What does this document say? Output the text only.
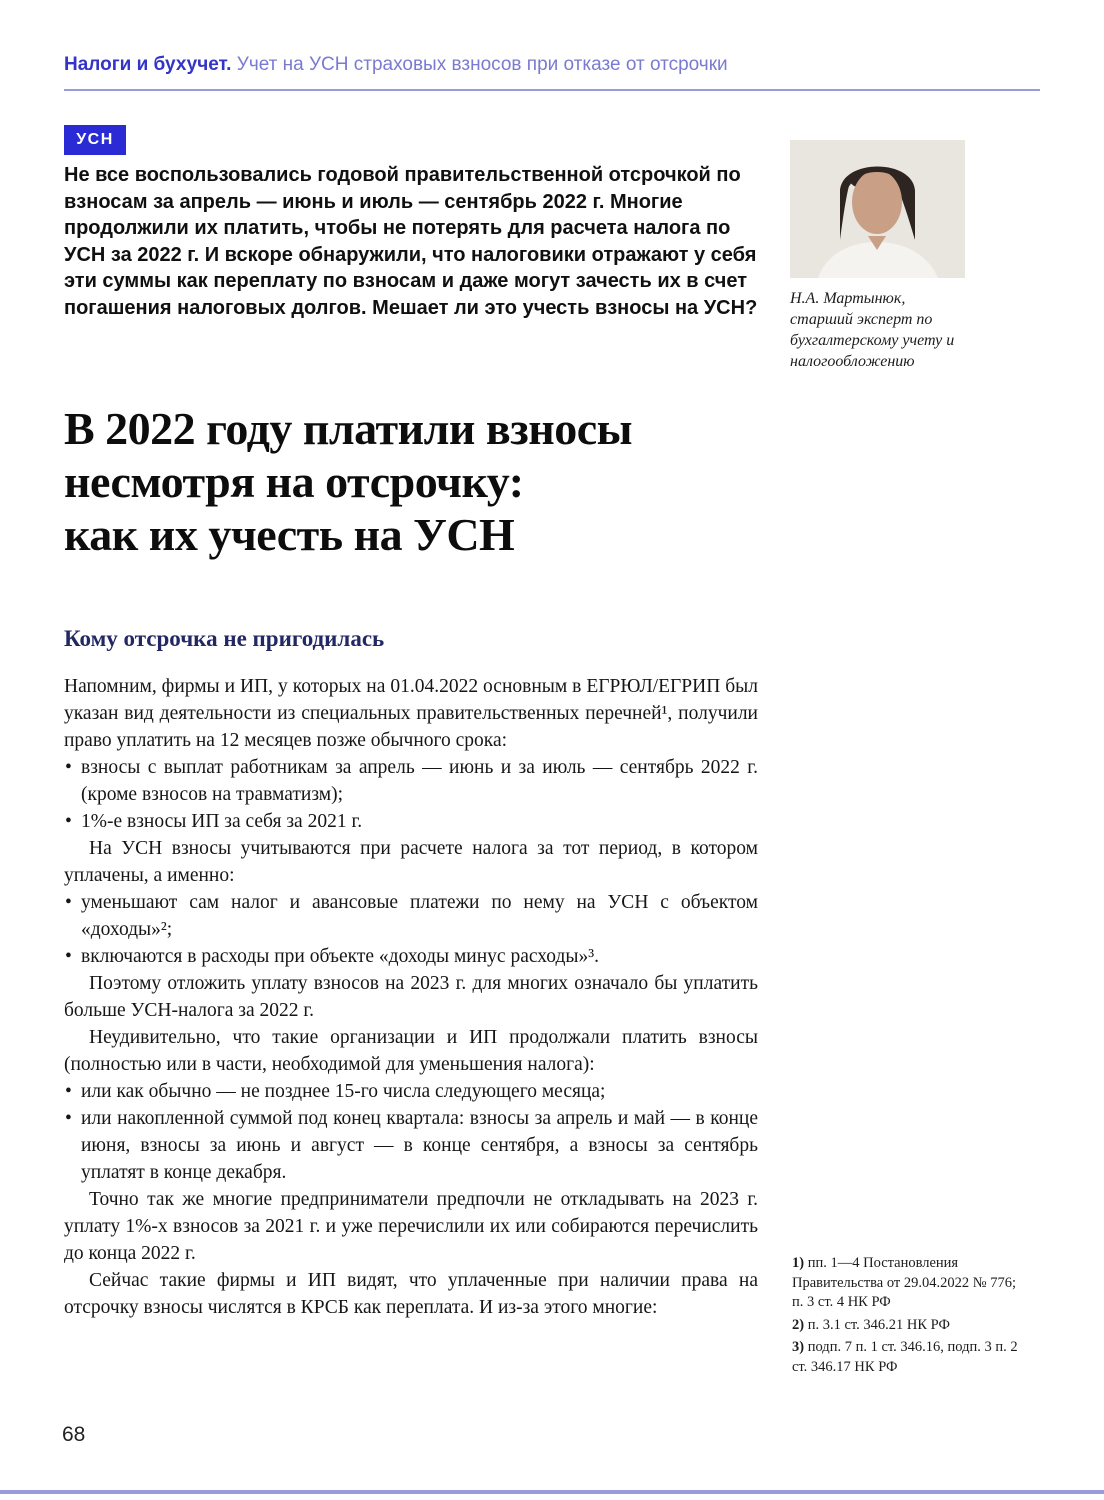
Налоги и бухучет. Учет на УСН страховых взносов при отказе от отсрочки
УСН

Не все воспользовались годовой правительственной отсрочкой по взносам за апрель — июнь и июль — сентябрь 2022 г. Многие продолжили их платить, чтобы не потерять для расчета налога по УСН за 2022 г. И вскоре обнаружили, что налоговики отражают у себя эти суммы как переплату по взносам и даже могут зачесть их в счет погашения налоговых долгов. Мешает ли это учесть взносы на УСН? Н.А. Мартынюк,
старший эксперт по бухгалтерскому учету и налогообложению
В 2022 году платили взносы
несмотря на отсрочку:
как их учесть на УСН
Кому отсрочка не пригодилась

Напомним, фирмы и ИП, у которых на 01.04.2022 основным в ЕГРЮЛ/ЕГРИП был указан вид деятельности из специальных правительственных перечней¹, получили право уплатить на 12 месяцев позже обычного срока:

• взносы с выплат работникам за апрель — июнь и за июль — сентябрь 2022 г. (кроме взносов на травматизм);
• 1%-е взносы ИП за себя за 2021 г.

На УСН взносы учитываются при расчете налога за тот период, в котором уплачены, а именно:

• уменьшают сам налог и авансовые платежи по нему на УСН с объектом «доходы»²;
• включаются в расходы при объекте «доходы минус расходы»³.

Поэтому отложить уплату взносов на 2023 г. для многих означало бы уплатить больше УСН-налога за 2022 г.

Неудивительно, что такие организации и ИП продолжали платить взносы (полностью или в части, необходимой для уменьшения налога):

• или как обычно — не позднее 15-го числа следующего месяца;
• или накопленной суммой под конец квартала: взносы за апрель и май — в конце июня, взносы за июнь и август — в конце сентября, а взносы за сентябрь уплатят в конце декабря.

Точно так же многие предприниматели предпочли не откладывать на 2023 г. уплату 1%-х взносов за 2021 г. и уже перечислили их или собираются перечислить до конца 2022 г.

Сейчас такие фирмы и ИП видят, что уплаченные при наличии права на отсрочку взносы числятся в КРСБ как переплата. И из-за этого многие:

1) пп. 1—4 Постановления Правительства от 29.04.2022 № 776; п. 3 ст. 4 НК РФ
2) п. 3.1 ст. 346.21 НК РФ
3) подп. 7 п. 1 ст. 346.16, подп. 3 п. 2 ст. 346.17 НК РФ
68
